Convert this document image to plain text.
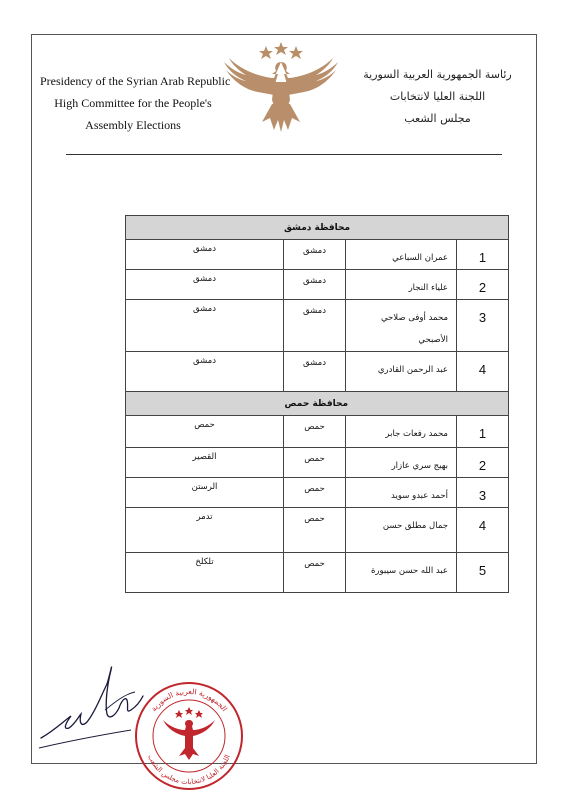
Presidency of the Syrian Arab Republic
High Committee for the People's
Assembly Elections
رئاسة الجمهورية العربية السورية
اللجنة العليا لانتخابات
مجلس الشعب
محافظة دمشق			
دمشق	دمشق	عمران السباعي	1
دمشق	دمشق	علياء النجار	2
دمشق	دمشق	محمد أوفى صلاحي الأصبحي	3
دمشق	دمشق	عبد الرحمن القادري	4
محافظة حمص			
حمص	حمص	محمد رفعات جابر	1
القصير	حمص	بهيج سري عازار	2
الرستن	حمص	أحمد عبدو سويد	3
تدمر	حمص	جمال مطلق حسن	4
تلكلخ	حمص	عبد الله حسن سيبورة	5
الجمهورية العربية السورية
اللجنة العليا لانتخابات مجلس الشعب
